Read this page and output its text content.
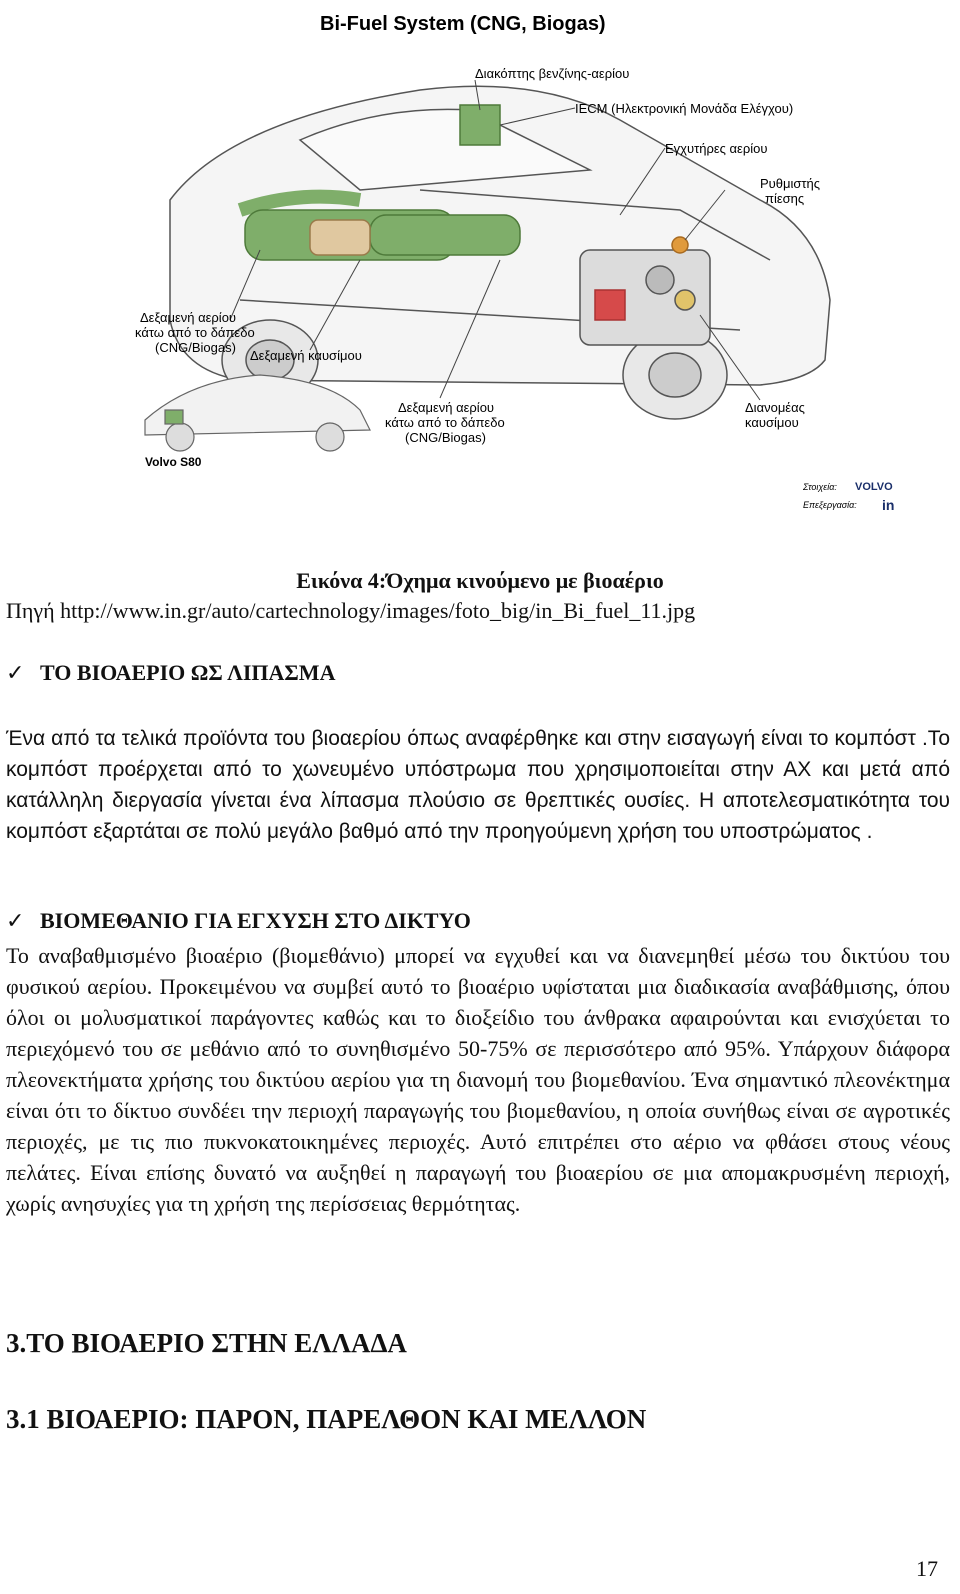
Bi-Fuel System (CNG, Biogas)
Διακόπτης βενζίνης-αερίου
IECM (Ηλεκτρονική Μονάδα Ελέγχου)
Εγχυτήρες αερίου
Ρυθμιστής
πίεσης
Δεξαμενή αερίου
κάτω από το δάπεδο
(CNG/Biogas)
Δεξαμενή καυσίμου
Δεξαμενή αερίου
κάτω από το δάπεδο
(CNG/Biogas)
Διανομέας
καυσίμου
Volvo S80
Στοιχεία: VOLVO
Επεξεργασία: in
Εικόνα 4:Όχημα κινούμενο με βιοαέριο
Πηγή http://www.in.gr/auto/cartechnology/images/foto_big/in_Bi_fuel_11.jpg
✓ ΤΟ ΒΙΟΑΕΡΙΟ ΩΣ ΛΙΠΑΣΜΑ
Ένα από τα τελικά προϊόντα του βιοαερίου όπως αναφέρθηκε και στην εισαγωγή είναι το κομπόστ .Το κομπόστ προέρχεται από το χωνευμένο υπόστρωμα που χρησιμοποιείται στην ΑΧ και μετά από κατάλληλη διεργασία γίνεται ένα λίπασμα πλούσιο σε θρεπτικές ουσίες. Η αποτελεσματικότητα του κομπόστ εξαρτάται σε πολύ μεγάλο βαθμό από την προηγούμενη χρήση του υποστρώματος .
✓ ΒΙΟΜΕΘΑΝΙΟ ΓΙΑ ΕΓΧΥΣΗ ΣΤΟ ΔΙΚΤΥΟ
Το αναβαθμισμένο βιοαέριο (βιομεθάνιο) μπορεί να εγχυθεί και να διανεμηθεί μέσω του δικτύου του φυσικού αερίου. Προκειμένου να συμβεί αυτό το βιοαέριο υφίσταται μια διαδικασία αναβάθμισης, όπου όλοι οι μολυσματικοί παράγοντες καθώς και το διοξείδιο του άνθρακα αφαιρούνται και ενισχύεται το περιεχόμενό του σε μεθάνιο από το συνηθισμένο 50-75% σε περισσότερο από 95%. Υπάρχουν διάφορα πλεονεκτήματα χρήσης του δικτύου αερίου για τη διανομή του βιομεθανίου. Ένα σημαντικό πλεονέκτημα είναι ότι το δίκτυο συνδέει την περιοχή παραγωγής του βιομεθανίου, η οποία συνήθως είναι σε αγροτικές περιοχές, με τις πιο πυκνοκατοικημένες περιοχές. Αυτό επιτρέπει στο αέριο να φθάσει στους νέους πελάτες. Είναι επίσης δυνατό να αυξηθεί η παραγωγή του βιοαερίου σε μια απομακρυσμένη περιοχή, χωρίς ανησυχίες για τη χρήση της περίσσειας θερμότητας.
3.ΤΟ ΒΙΟΑΕΡΙΟ ΣΤΗΝ ΕΛΛΑΔΑ
3.1 ΒΙΟΑΕΡΙΟ: ΠΑΡΟΝ, ΠΑΡΕΛΘΟΝ ΚΑΙ ΜΕΛΛΟΝ
17
